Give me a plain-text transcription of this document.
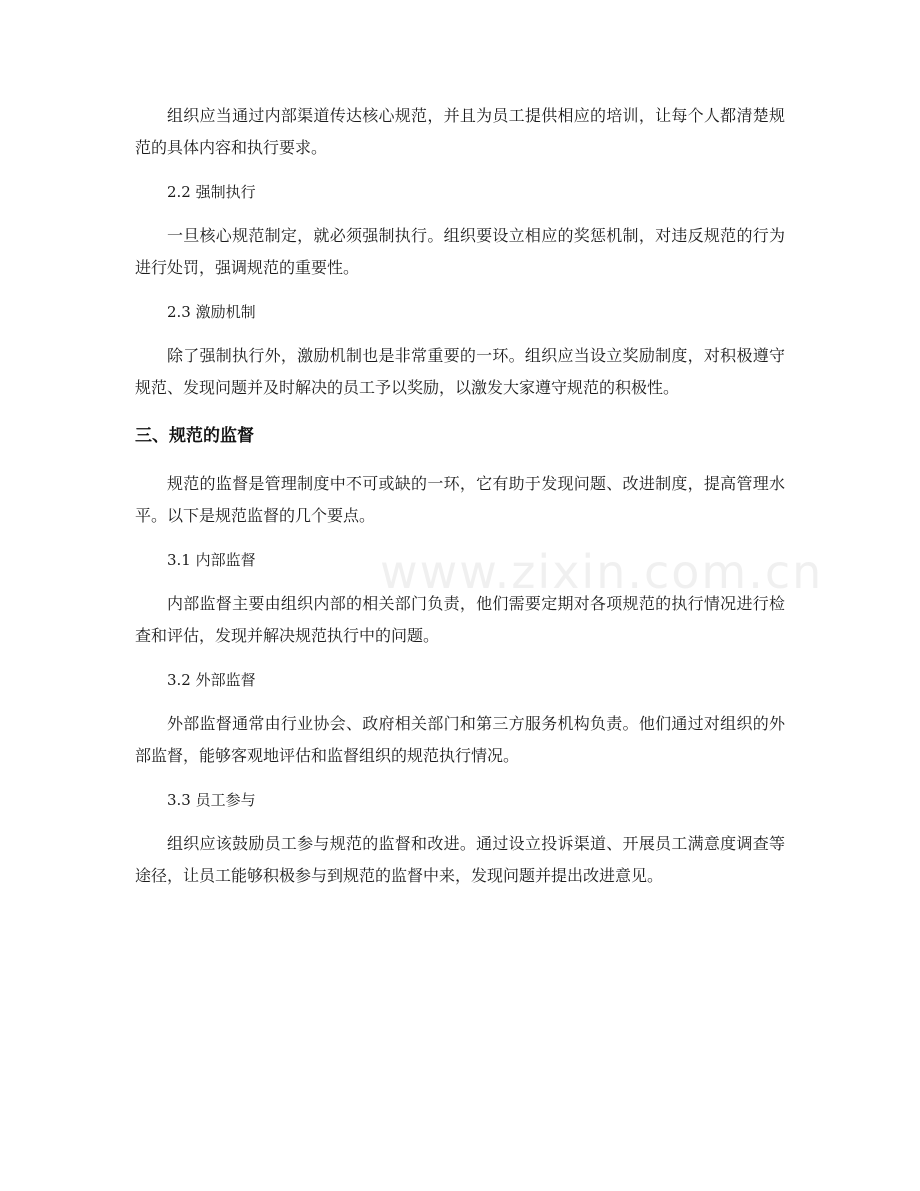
组织应当通过内部渠道传达核心规范，并且为员工提供相应的培训，让每个人都清楚规范的具体内容和执行要求。

2.2 强制执行

一旦核心规范制定，就必须强制执行。组织要设立相应的奖惩机制，对违反规范的行为进行处罚，强调规范的重要性。

2.3 激励机制

除了强制执行外，激励机制也是非常重要的一环。组织应当设立奖励制度，对积极遵守规范、发现问题并及时解决的员工予以奖励，以激发大家遵守规范的积极性。

三、规范的监督

规范的监督是管理制度中不可或缺的一环，它有助于发现问题、改进制度，提高管理水平。以下是规范监督的几个要点。

3.1 内部监督

内部监督主要由组织内部的相关部门负责，他们需要定期对各项规范的执行情况进行检查和评估，发现并解决规范执行中的问题。

3.2 外部监督

外部监督通常由行业协会、政府相关部门和第三方服务机构负责。他们通过对组织的外部监督，能够客观地评估和监督组织的规范执行情况。

3.3 员工参与

组织应该鼓励员工参与规范的监督和改进。通过设立投诉渠道、开展员工满意度调查等途径，让员工能够积极参与到规范的监督中来，发现问题并提出改进意见。

www.zixin.com.cn
